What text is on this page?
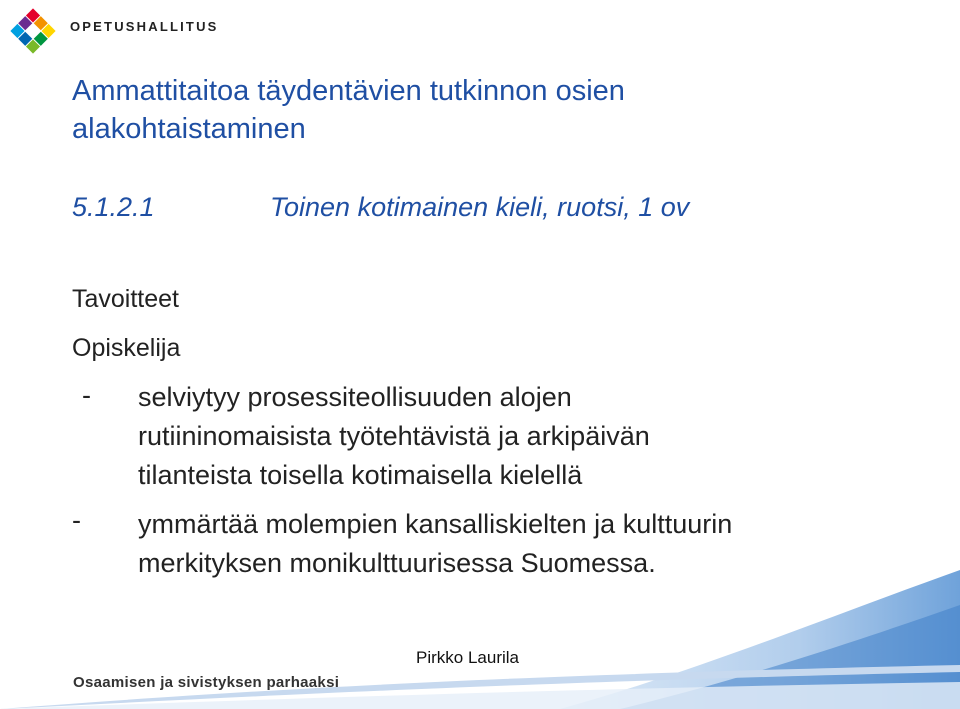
OPETUSHALLITUS
Ammattitaitoa täydentävien tutkinnon osien
alakohtaistaminen
5.1.2.1	Toinen kotimainen kieli, ruotsi, 1 ov
Tavoitteet
Opiskelija
- selviytyy prosessiteollisuuden alojen
rutiininomaisista työtehtävistä ja arkipäivän
tilanteista toisella kotimaisella kielellä
- ymmärtää molempien kansalliskielten ja kulttuurin
merkityksen monikulttuurisessa Suomessa.
Pirkko Laurila
Osaamisen ja sivistyksen parhaaksi
